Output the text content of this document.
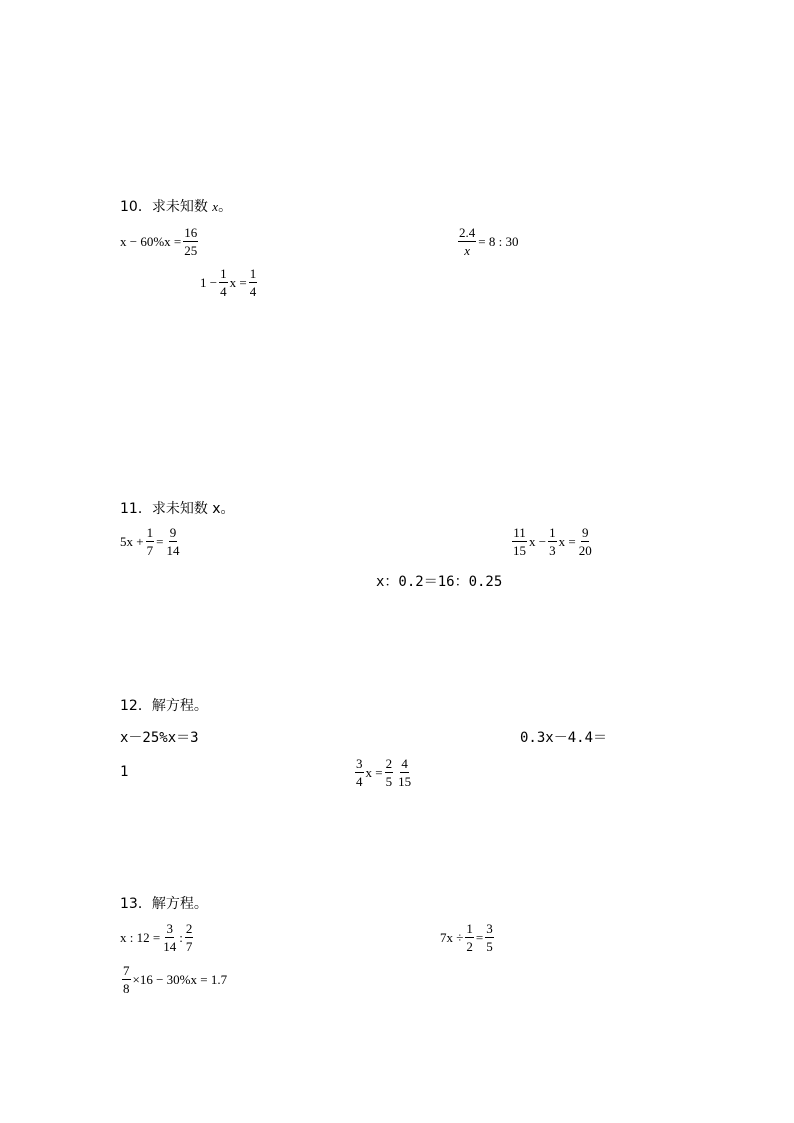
10．求未知数 x。
$x - 60\%x = \frac{16}{25}$	$\frac{2.4}{x} = 8$ : 30
$1 - \frac{1}{4}$ $x = \frac{1}{4}$
11．求未知数 x。
$5x + \frac{1}{7} = \frac{9}{14}$	$\frac{11}{15}$ $x - \frac{1}{3}$ $x = \frac{9}{20}$
x：0.2＝16：0.25
12．解方程。
x－25%x＝3	0.3x－4.4＝
1	$\frac{3}{4}$ $x = \frac{2}{5} \frac{4}{15}$
13．解方程。
x : $12 = \frac{3}{14}$ : $\frac{2}{7}$	$7x \div \frac{1}{2} = \frac{3}{5}$
$\frac{7}{8} \times 16 - 30\%x = 1.7$
